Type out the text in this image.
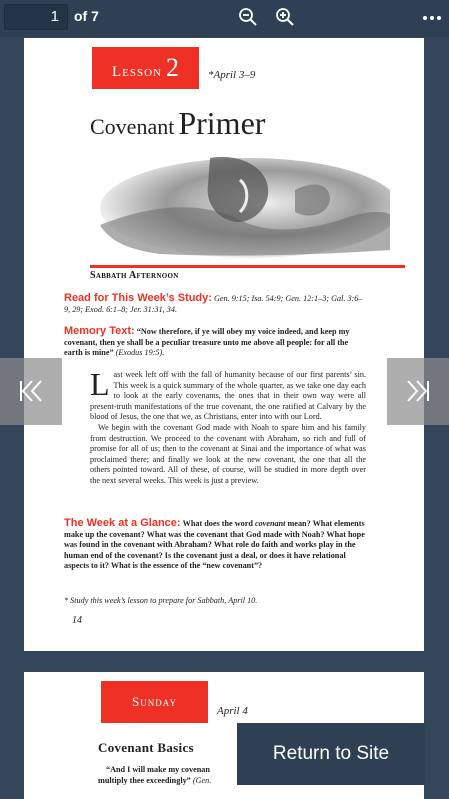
1	of 7
Lesson 2	*April 3–9
Covenant Primer
Sabbath Afternoon
Read for This Week’s Study: Gen. 9:15; Isa. 54:9; Gen. 12:1–3; Gal. 3:6–9, 29; Exod. 6:1–8; Jer. 31:31, 34.
Memory Text: “Now therefore, if ye will obey my voice indeed, and keep my covenant, then ye shall be a peculiar treasure unto me above all people: for all the earth is mine” (Exodus 19:5).

Last week left off with the fall of humanity because of our first parents’ sin. This week is a quick summary of the whole quarter, as we take one day each to look at the early covenants, the ones that in their own way were all present-truth manifestations of the true covenant, the one ratified at Calvary by the blood of Jesus, the one that we, as Christians, enter into with our Lord.

We begin with the covenant God made with Noah to spare him and his family from destruction. We proceed to the covenant with Abraham, so rich and full of promise for all of us; then to the covenant at Sinai and the importance of what was proclaimed there; and finally we look at the new covenant, the one that all the others pointed toward. All of these, of course, will be studied in more depth over the next several weeks. This week is just a preview.

The Week at a Glance: What does the word covenant mean? What elements make up the covenant? What was the covenant that God made with Noah? What hope was found in the covenant with Abraham? What role do faith and works play in the human end of the covenant? Is the covenant just a deal, or does it have relational aspects to it? What is the essence of the “new covenant”?
* Study this week’s lesson to prepare for Sabbath, April 10.
14
Sunday
April 4
Covenant Basics
“And I will make my covenan
multiply thee exceedingly” (Gen.
Return to Site
